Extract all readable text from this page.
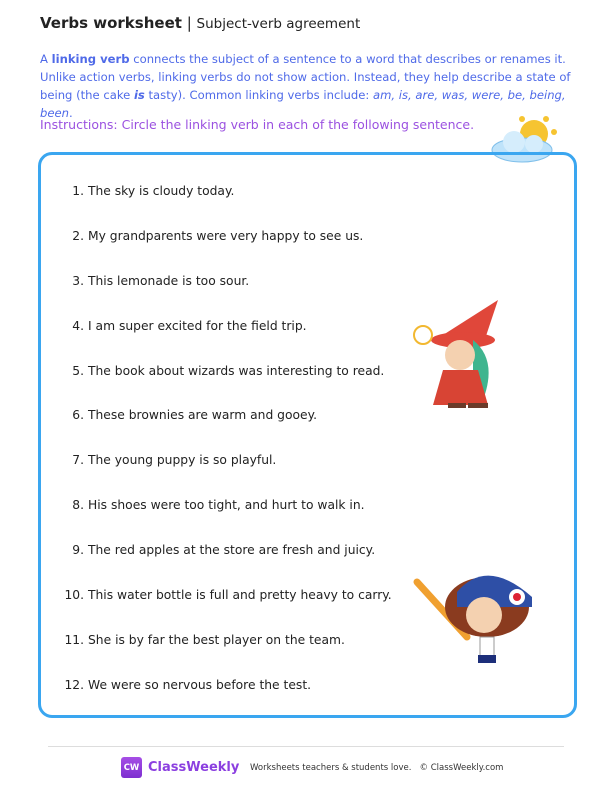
Verbs worksheet | Subject-verb agreement
A linking verb connects the subject of a sentence to a word that describes or renames it. Unlike action verbs, linking verbs do not show action. Instead, they help describe a state of being (the cake is tasty). Common linking verbs include: am, is, are, was, were, be, being, been.
Instructions: Circle the linking verb in each of the following sentence.
1. The sky is cloudy today.
2. My grandparents were very happy to see us.
3. This lemonade is too sour.
4. I am super excited for the field trip.
5. The book about wizards was interesting to read.
6. These brownies are warm and gooey.
7. The young puppy is so playful.
8. His shoes were too tight, and hurt to walk in.
9. The red apples at the store are fresh and juicy.
10. This water bottle is full and pretty heavy to carry.
11. She is by far the best player on the team.
12. We were so nervous before the test.
CW ClassWeekly Worksheets teachers & students love. © ClassWeekly.com
